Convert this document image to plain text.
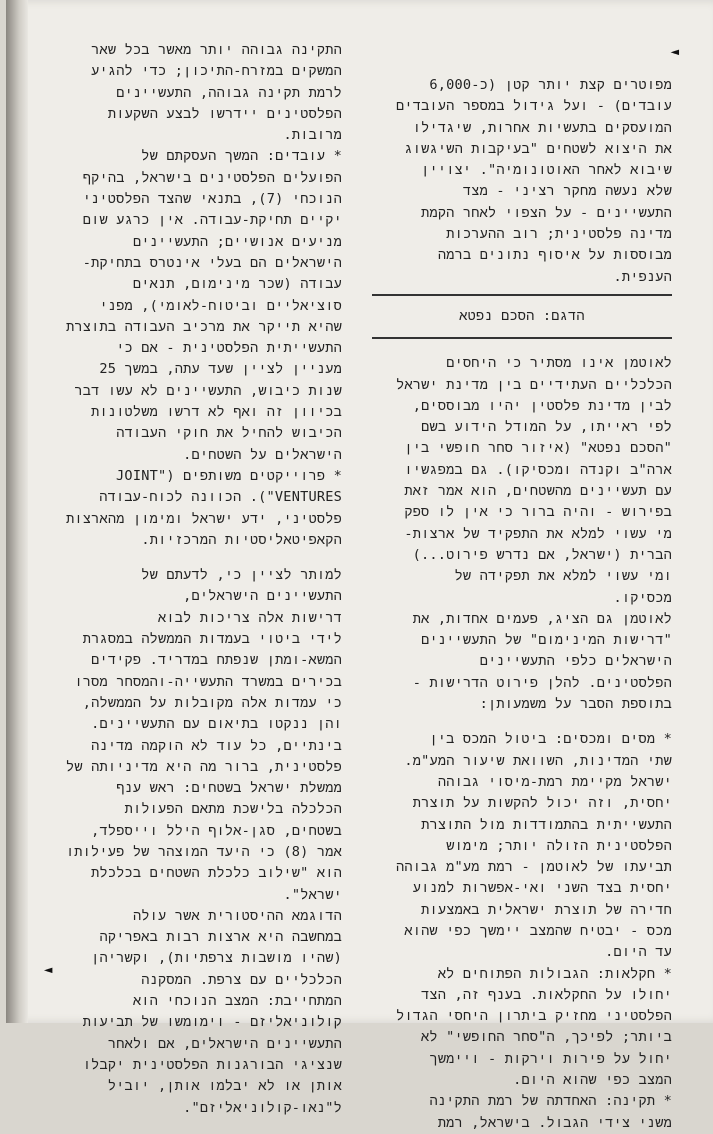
◄

התקינה גבוהה יותר מאשר בכל שאר

המשקים במזרח-התיכון; כדי להגיע

לרמת תקינה גבוהה, התעשיינים

הפלסטינים יידרשו לבצע השקעות

מרובות.

* עובדים: המשך העסקתם של

הפועלים הפלסטינים בישראל, בהיקף

הנוכחי (7), בתנאי שהצד הפלסטיני

יקיים תחיקת-עבודה. אין כרגע שום

מניעים אנושיים; התעשיינים

הישראלים הם בעלי אינטרס בתחיקת-

עבודה (שכר מינימום, תנאים

סוציאליים וביטוח-לאומי), מפני

שהיא תייקר את מרכיב העבודה בתוצרת

התעשייתית הפלסטינית - אם כי

מעניין לציין שעד עתה, במשך 25

שנות כיבוש, התעשיינים לא עשו דבר

בכיוון זה ואף לא דרשו משלטונות

הכיבוש להחיל את חוקי העבודה

הישראלים על השטחים.

* פרוייקטים משותפים ("JOINT

VENTURES"). הכוונה לכוח-עבודה

פלסטיני, ידע ישראל ומימון מהארצות

הקאפיטאליסטיות המרכזיות.

למותר לציין כי, לדעתם של

התעשיינים הישראלים,

דרישות אלה צריכות לבוא

לידי ביטוי בעמדות הממשלה במסגרת

המשא-ומתן שנפתח במדריד. פקידים

בכירים במשרד התעשייה-והמסחר מסרו

כי עמדות אלה מקובלות על הממשלה,

והן ננקטו בתיאום עם התעשיינים.

בינתיים, כל עוד לא הוקמה מדינה

פלסטינית, ברור מה היא מדיניותה של

ממשלת ישראל בשטחים: ראש ענף

הכלכלה בלישכת מתאם הפעולות

בשטחים, סגן-אלוף הילל וייספלד,

אמר (8) כי היעד המוצהר של פעילותו

הוא "שילוב כלכלת השטחים בכלכלת

ישראל".

הדוגמא ההיסטורית אשר עולה

במחשבה היא ארצות רבות באפריקה

(שהיו מושבות צרפתיות), וקשריהן

הכלכליים עם צרפת. המסקנה

המתחייבת: המצב הנוכחי הוא

קולוניאליזם - וימומשו של תביעות

התעשיינים הישראלים, אם ולאחר

שנציגי הבורגנות הפלסטינית יקבלו

אותן או לא יבלמו אותן, יוביל

ל"נאו-קולוניאליזם".

מפוטרים קצת יותר קטן (כ-6,000

עובדים) - ועל גידול במספר העובדים

המועסקים בתעשיות אחרות, שיגדילו

את היצוא לשטחים "בעיקבות השיגשוג

שיבוא לאחר האוטונומיה". יצויין

שלא נעשה מחקר רציני - מצד

התעשיינים - על הצפוי לאחר הקמת

מדינה פלסטינית; רוב ההערכות

מבוססות על איסוף נתונים ברמה

הענפית.

הדגם: הסכם נפטא

לאוטמן אינו מסתיר כי היחסים

הכלכליים העתידיים בין מדינת ישראל

לבין מדינת פלסטין יהיו מבוססים,

לפי ראייתו, על המודל הידוע בשם

"הסכם נפטא" (איזור סחר חופשי בין

ארה"ב וקנדה ומכסיקו). גם במפגשיו

עם תעשיינים מהשטחים, הוא אמר זאת

בפירוש - והיה ברור כי אין לו ספק

מי עשוי למלא את התפקיד של ארצות-

הברית (ישראל, אם נדרש פירוט...)

ומי עשוי למלא את תפקידה של

מכסיקו.

לאוטמן גם הציג, פעמים אחדות, את

"דרישות המינימום" של התעשיינים

הישראלים כלפי התעשיינים

הפלסטינים. להלן פירוט הדרישות -

בתוספת הסבר על משמעותן:

* מסים ומכסים: ביטול המכס בין

שתי המדינות, השוואת שיעור המע"מ.

ישראל מקיימת רמת-מיסוי גבוהה

יחסית, וזה יכול להקשות על תוצרת

התעשייתית בהתמודדות מול התוצרת

הפלסטינית הזולה יותר; מימוש

תביעתו של לאוטמן - רמת מע"מ גבוהה

יחסית בצד השני ואי-אפשרות למנוע

חדירה של תוצרת ישראלית באמצעות

מכס - יבטיח שהמצב יימשך כפי שהוא

עד היום.

* חקלאות: הגבולות הפתוחים לא

יחולו על החקלאות. בענף זה, הצד

הפלסטיני מחזיק ביתרון היחסי הגדול

ביותר; לפיכך, ה"סחר החופשי" לא

יחול על פירות וירקות - ויימשך

המצב כפי שהוא היום.

* תקינה: האחדתה של רמת התקינה

משני צידי הגבול. בישראל, רמת

◄
